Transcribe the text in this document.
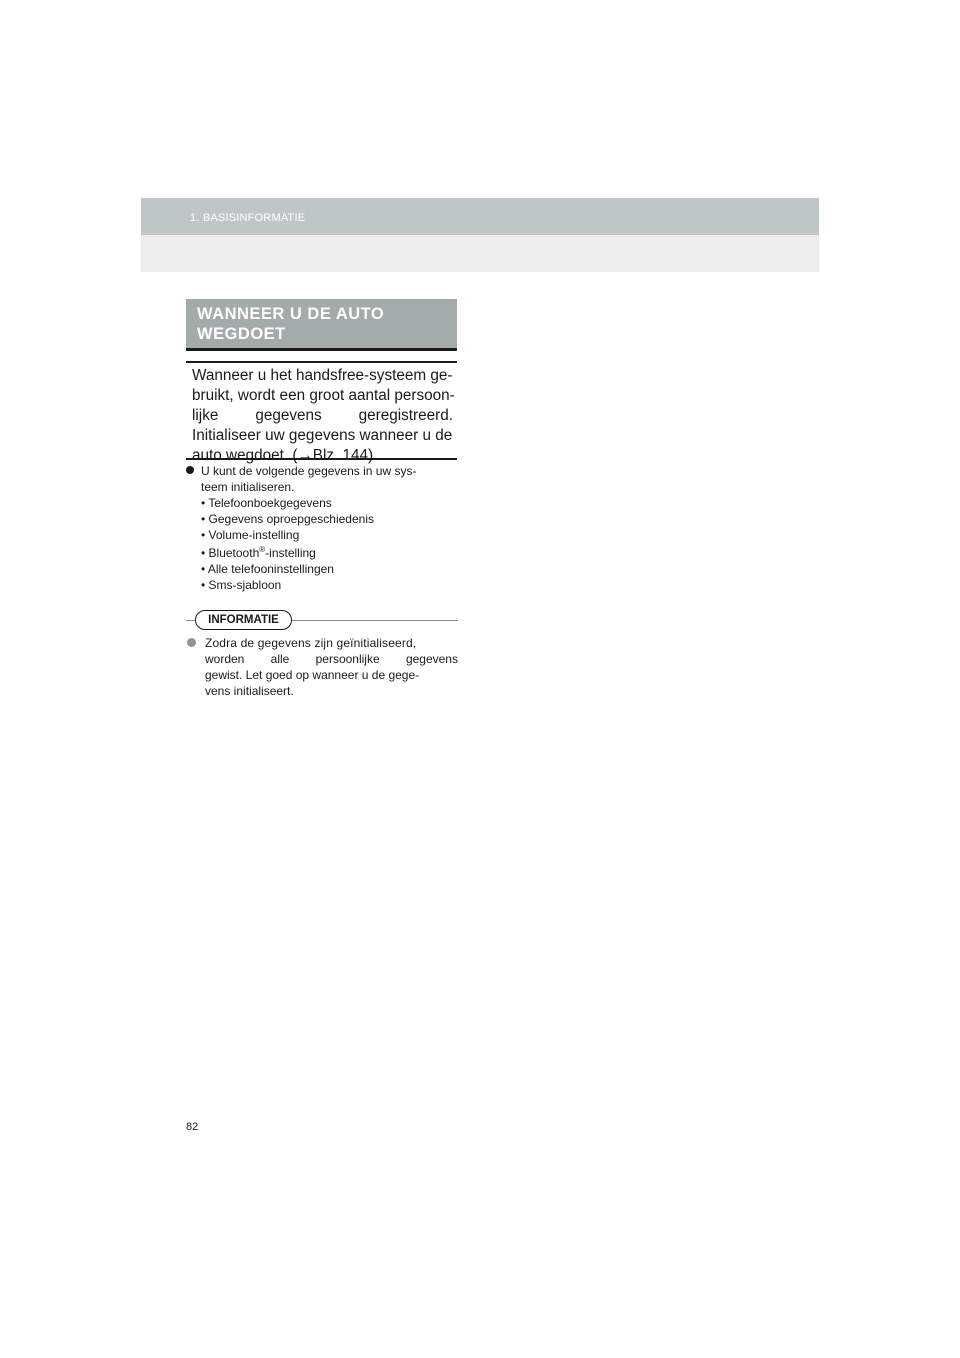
1. BASISINFORMATIE
WANNEER U DE AUTO
WEGDOET
Wanneer u het handsfree-systeem ge-
bruikt, wordt een groot aantal persoon-
lijke gegevens geregistreerd.
Initialiseer uw gegevens wanneer u de
auto wegdoet. (→Blz. 144)
U kunt de volgende gegevens in uw sys-
teem initialiseren.
• Telefoonboekgegevens
• Gegevens oproepgeschiedenis
• Volume-instelling
• Bluetooth®-instelling
• Alle telefooninstellingen
• Sms-sjabloon
INFORMATIE
Zodra de gegevens zijn geïnitialiseerd,
worden alle persoonlijke gegevens
gewist. Let goed op wanneer u de gege-
vens initialiseert.
82
